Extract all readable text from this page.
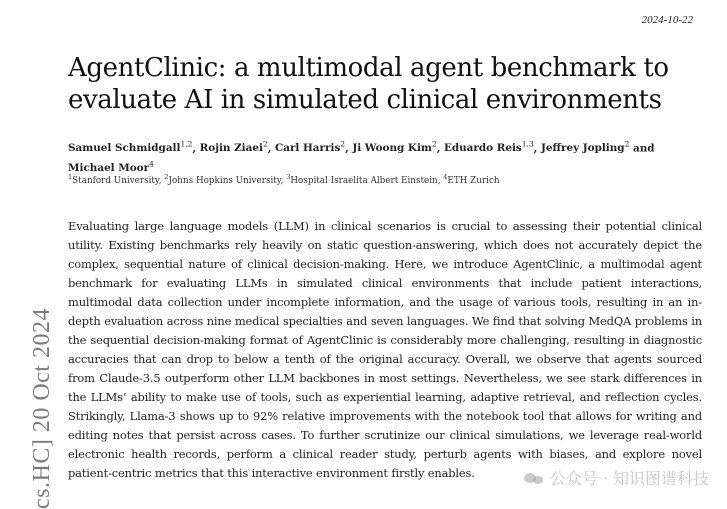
2024-10-22
cs.HC] 20 Oct 2024
AgentClinic: a multimodal agent benchmark to evaluate AI in simulated clinical environments
Samuel Schmidgall$^{1,2}$, Rojin Ziaei$^2$, Carl Harris$^2$, Ji Woong Kim$^2$, Eduardo Reis$^{1,3}$, Jeffrey Jopling$^2$ and
Michael Moor$^4$
$^1$Stanford University, $^2$Johns Hopkins University, $^3$Hospital Israelita Albert Einstein, $^4$ETH Zurich

Evaluating large language models (LLM) in clinical scenarios is crucial to assessing their potential clinical utility. Existing benchmarks rely heavily on static question-answering, which does not accurately depict the complex, sequential nature of clinical decision-making. Here, we introduce AgentClinic, a multimodal agent benchmark for evaluating LLMs in simulated clinical environments that include patient interactions, multimodal data collection under incomplete information, and the usage of various tools, resulting in an in-depth evaluation across nine medical specialties and seven languages. We find that solving MedQA problems in the sequential decision-making format of AgentClinic is considerably more challenging, resulting in diagnostic accuracies that can drop to below a tenth of the original accuracy. Overall, we observe that agents sourced from Claude-3.5 outperform other LLM backbones in most settings. Nevertheless, we see stark differences in the LLMs’ ability to make use of tools, such as experiential learning, adaptive retrieval, and reflection cycles. Strikingly, Llama-3 shows up to 92% relative improvements with the notebook tool that allows for writing and editing notes that persist across cases. To further scrutinize our clinical simulations, we leverage real-world electronic health records, perform a clinical reader study, perturb agents with biases, and explore novel patient-centric metrics that this interactive environment firstly enables.	公众号 · 知识图谱科技
